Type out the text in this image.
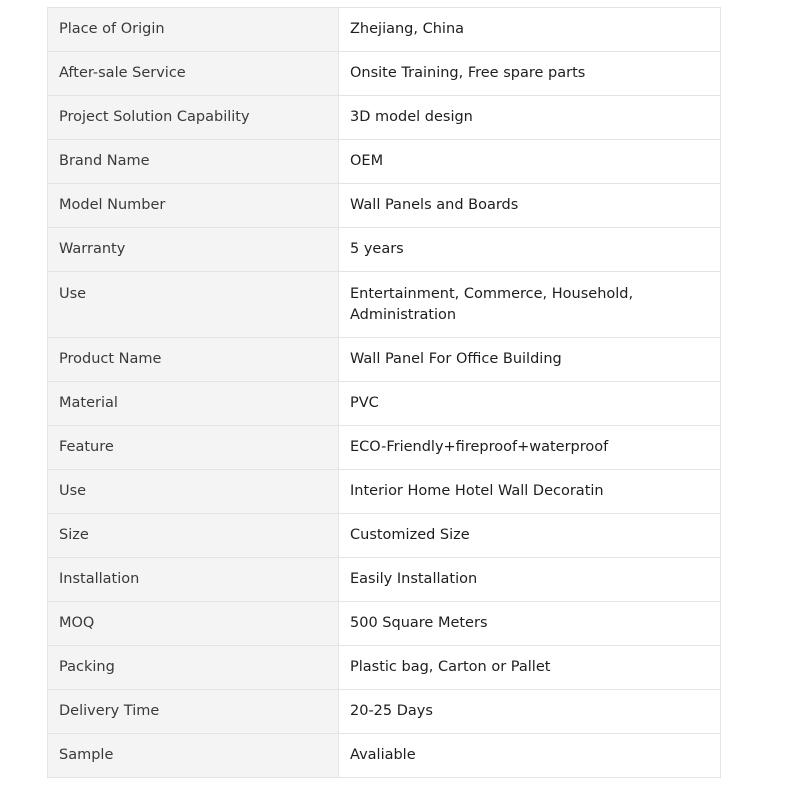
Place of Origin	Zhejiang, China
After-sale Service	Onsite Training, Free spare parts
Project Solution Capability	3D model design
Brand Name	OEM
Model Number	Wall Panels and Boards
Warranty	5 years
Use	Entertainment, Commerce, Household, Administration
Product Name	Wall Panel For Office Building
Material	PVC
Feature	ECO-Friendly+fireproof+waterproof
Use	Interior Home Hotel Wall Decoratin
Size	Customized Size
Installation	Easily Installation
MOQ	500 Square Meters
Packing	Plastic bag, Carton or Pallet
Delivery Time	20-25 Days
Sample	Avaliable
